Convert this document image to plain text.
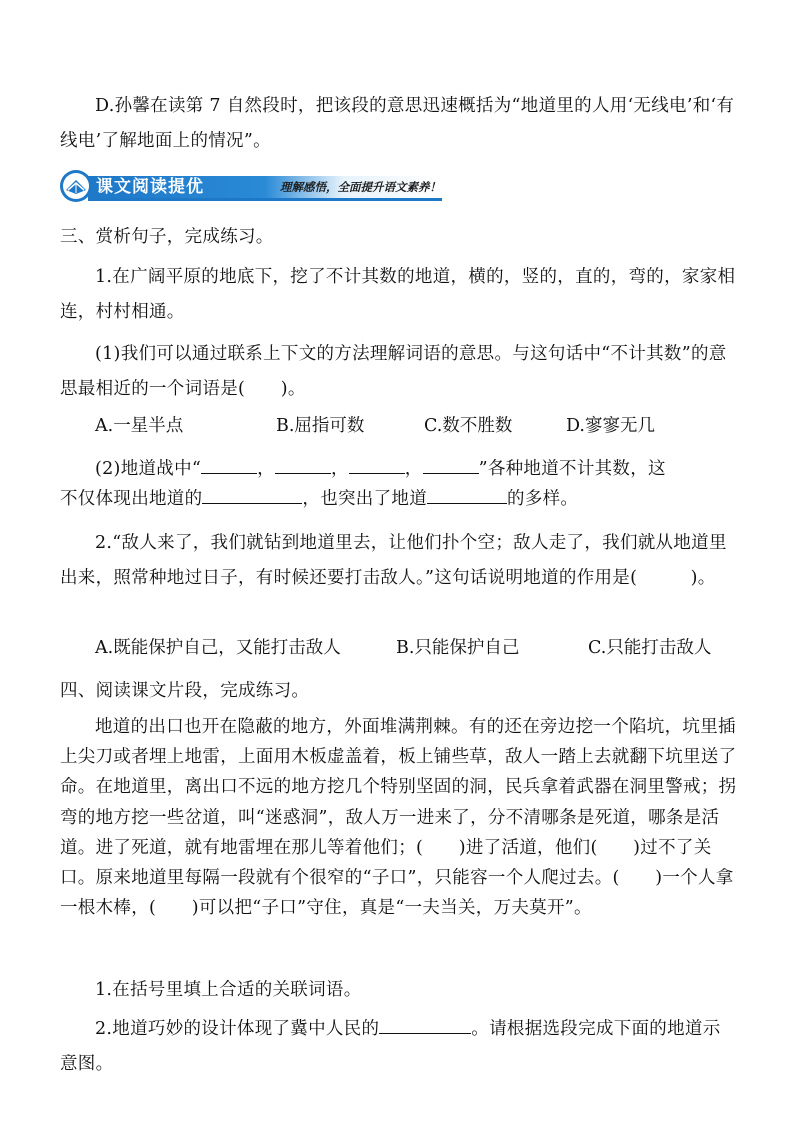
D.孙馨在读第 7 自然段时，把该段的意思迅速概括为“地道里的人用‘无线电’和‘有线电’了解地面上的情况”。
课文阅读提优	理解感悟，全面提升语文素养！
三、赏析句子，完成练习。
1.在广阔平原的地底下，挖了不计其数的地道，横的，竖的，直的，弯的，家家相连，村村相通。
(1)我们可以通过联系上下文的方法理解词语的意思。与这句话中“不计其数”的意思最相近的一个词语是(　　)。
A.一星半点	B.屈指可数	C.数不胜数	D.寥寥无几
(2)地道战中“	，	，	，	”各种地道不计其数，这
不仅体现出地道的	，也突出了地道	的多样。
2.“敌人来了，我们就钻到地道里去，让他们扑个空；敌人走了，我们就从地道里出来，照常种地过日子，有时候还要打击敌人。”这句话说明地道的作用是(　　　)。
A.既能保护自己，又能打击敌人	B.只能保护自己	C.只能打击敌人
四、阅读课文片段，完成练习。
地道的出口也开在隐蔽的地方，外面堆满荆棘。有的还在旁边挖一个陷坑，坑里插上尖刀或者埋上地雷，上面用木板虚盖着，板上铺些草，敌人一踏上去就翻下坑里送了命。在地道里，离出口不远的地方挖几个特别坚固的洞，民兵拿着武器在洞里警戒；拐弯的地方挖一些岔道，叫“迷惑洞”，敌人万一进来了，分不清哪条是死道，哪条是活道。进了死道，就有地雷埋在那儿等着他们；(　　)进了活道，他们(　　)过不了关口。原来地道里每隔一段就有个很窄的“子口”，只能容一个人爬过去。(　　)一个人拿一根木棒，(　　)可以把“子口”守住，真是“一夫当关，万夫莫开”。
1.在括号里填上合适的关联词语。
2.地道巧妙的设计体现了冀中人民的	。请根据选段完成下面的地道示意图。
